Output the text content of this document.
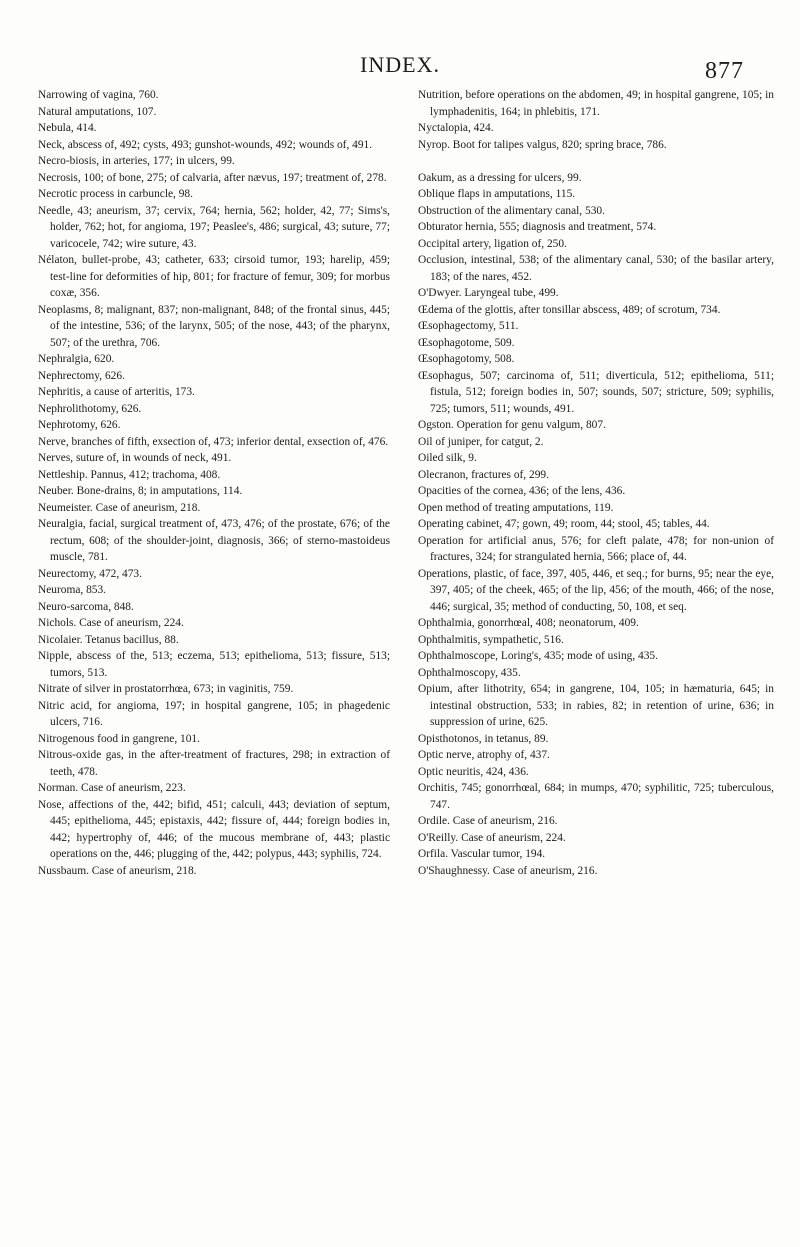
INDEX.	877
Narrowing of vagina, 760.
Natural amputations, 107.
Nebula, 414.
Neck, abscess of, 492; cysts, 493; gunshot-wounds, 492; wounds of, 491.
Necro-biosis, in arteries, 177; in ulcers, 99.
Necrosis, 100; of bone, 275; of calvaria, after nævus, 197; treatment of, 278.
Necrotic process in carbuncle, 98.
Needle, 43; aneurism, 37; cervix, 764; hernia, 562; holder, 42, 77; Sims's, holder, 762; hot, for angioma, 197; Peaslee's, 486; surgical, 43; suture, 77; varicocele, 742; wire suture, 43.
Nélaton, bullet-probe, 43; catheter, 633; cirsoid tumor, 193; harelip, 459; test-line for deformities of hip, 801; for fracture of femur, 309; for morbus coxæ, 356.
Neoplasms, 8; malignant, 837; non-malignant, 848; of the frontal sinus, 445; of the intestine, 536; of the larynx, 505; of the nose, 443; of the pharynx, 507; of the urethra, 706.
Nephralgia, 620.
Nephrectomy, 626.
Nephritis, a cause of arteritis, 173.
Nephrolithotomy, 626.
Nephrotomy, 626.
Nerve, branches of fifth, exsection of, 473; inferior dental, exsection of, 476.
Nerves, suture of, in wounds of neck, 491.
Nettleship. Pannus, 412; trachoma, 408.
Neuber. Bone-drains, 8; in amputations, 114.
Neumeister. Case of aneurism, 218.
Neuralgia, facial, surgical treatment of, 473, 476; of the prostate, 676; of the rectum, 608; of the shoulder-joint, diagnosis, 366; of sterno-mastoideus muscle, 781.
Neurectomy, 472, 473.
Neuroma, 853.
Neuro-sarcoma, 848.
Nichols. Case of aneurism, 224.
Nicolaier. Tetanus bacillus, 88.
Nipple, abscess of the, 513; eczema, 513; epithelioma, 513; fissure, 513; tumors, 513.
Nitrate of silver in prostatorrhœa, 673; in vaginitis, 759.
Nitric acid, for angioma, 197; in hospital gangrene, 105; in phagedenic ulcers, 716.
Nitrogenous food in gangrene, 101.
Nitrous-oxide gas, in the after-treatment of fractures, 298; in extraction of teeth, 478.
Norman. Case of aneurism, 223.
Nose, affections of the, 442; bifid, 451; calculi, 443; deviation of septum, 445; epithelioma, 445; epistaxis, 442; fissure of, 444; foreign bodies in, 442; hypertrophy of, 446; of the mucous membrane of, 443; plastic operations on the, 446; plugging of the, 442; polypus, 443; syphilis, 724.
Nussbaum. Case of aneurism, 218.
Nutrition, before operations on the abdomen, 49; in hospital gangrene, 105; in lymphadenitis, 164; in phlebitis, 171.
Nyctalopia, 424.
Nyrop. Boot for talipes valgus, 820; spring brace, 786.
Oakum, as a dressing for ulcers, 99.
Oblique flaps in amputations, 115.
Obstruction of the alimentary canal, 530.
Obturator hernia, 555; diagnosis and treatment, 574.
Occipital artery, ligation of, 250.
Occlusion, intestinal, 538; of the alimentary canal, 530; of the basilar artery, 183; of the nares, 452.
O'Dwyer. Laryngeal tube, 499.
Œdema of the glottis, after tonsillar abscess, 489; of scrotum, 734.
Œsophagectomy, 511.
Œsophagotome, 509.
Œsophagotomy, 508.
Œsophagus, 507; carcinoma of, 511; diverticula, 512; epithelioma, 511; fistula, 512; foreign bodies in, 507; sounds, 507; stricture, 509; syphilis, 725; tumors, 511; wounds, 491.
Ogston. Operation for genu valgum, 807.
Oil of juniper, for catgut, 2.
Oiled silk, 9.
Olecranon, fractures of, 299.
Opacities of the cornea, 436; of the lens, 436.
Open method of treating amputations, 119.
Operating cabinet, 47; gown, 49; room, 44; stool, 45; tables, 44.
Operation for artificial anus, 576; for cleft palate, 478; for non-union of fractures, 324; for strangulated hernia, 566; place of, 44.
Operations, plastic, of face, 397, 405, 446, et seq.; for burns, 95; near the eye, 397, 405; of the cheek, 465; of the lip, 456; of the mouth, 466; of the nose, 446; surgical, 35; method of conducting, 50, 108, et seq.
Ophthalmia, gonorrhœal, 408; neonatorum, 409.
Ophthalmitis, sympathetic, 516.
Ophthalmoscope, Loring's, 435; mode of using, 435.
Ophthalmoscopy, 435.
Opium, after lithotrity, 654; in gangrene, 104, 105; in hæmaturia, 645; in intestinal obstruction, 533; in rabies, 82; in retention of urine, 636; in suppression of urine, 625.
Opisthotonos, in tetanus, 89.
Optic nerve, atrophy of, 437.
Optic neuritis, 424, 436.
Orchitis, 745; gonorrhœal, 684; in mumps, 470; syphilitic, 725; tuberculous, 747.
Ordile. Case of aneurism, 216.
O'Reilly. Case of aneurism, 224.
Orfila. Vascular tumor, 194.
O'Shaughnessy. Case of aneurism, 216.
